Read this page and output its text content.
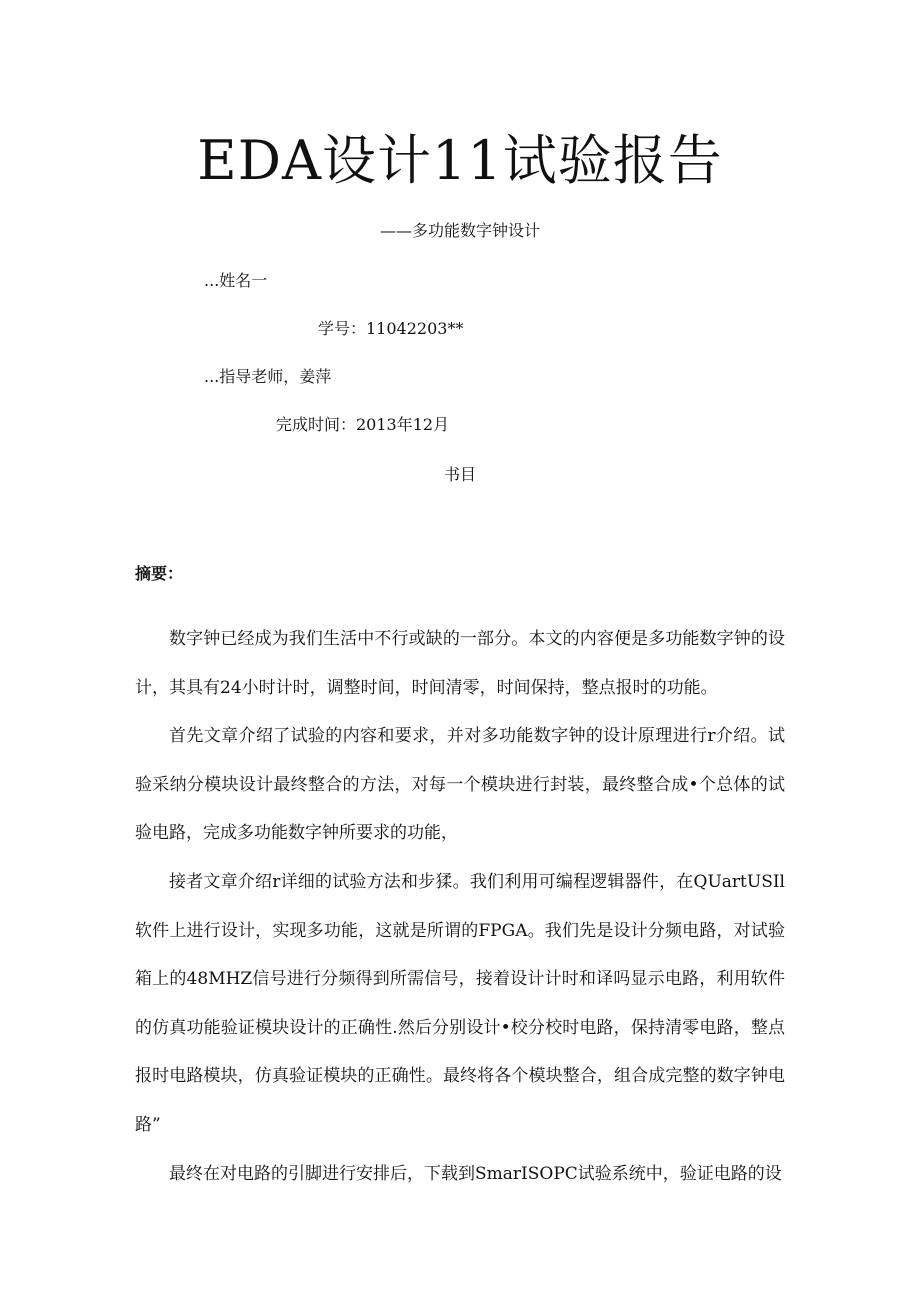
EDA设计11试验报告
——多功能数字钟设计
...姓名一
学号：11042203**
...指导老师，姜萍
完成时间：2013年12月
书目
摘要：

数字钟已经成为我们生活中不行或缺的一部分。本文的内容便是多功能数字钟的设计，其具有24小时计时，调整时间，时间清零，时间保持，整点报时的功能。

首先文章介绍了试验的内容和要求，并对多功能数字钟的设计原理进行r介绍。试验采纳分模块设计最终整合的方法，对每一个模块进行封装，最终整合成•个总体的试验电路，完成多功能数字钟所要求的功能，

接者文章介绍r详细的试验方法和步猱。我们利用可编程逻辑器件，在QUartUSIl软件上进行设计，实现多功能，这就是所谓的FPGA。我们先是设计分频电路，对试验箱上的48MHZ信号进行分频得到所需信号，接着设计计时和译吗显示电路，利用软件的仿真功能验证模块设计的正确性.然后分别设计•校分校时电路，保持清零电路，整点报时电路模块，仿真验证模块的正确性。最终将各个模块整合，组合成完整的数字钟电路”

最终在对电路的引脚进行安排后，下载到SmarISOPC试验系统中，验证电路的设
